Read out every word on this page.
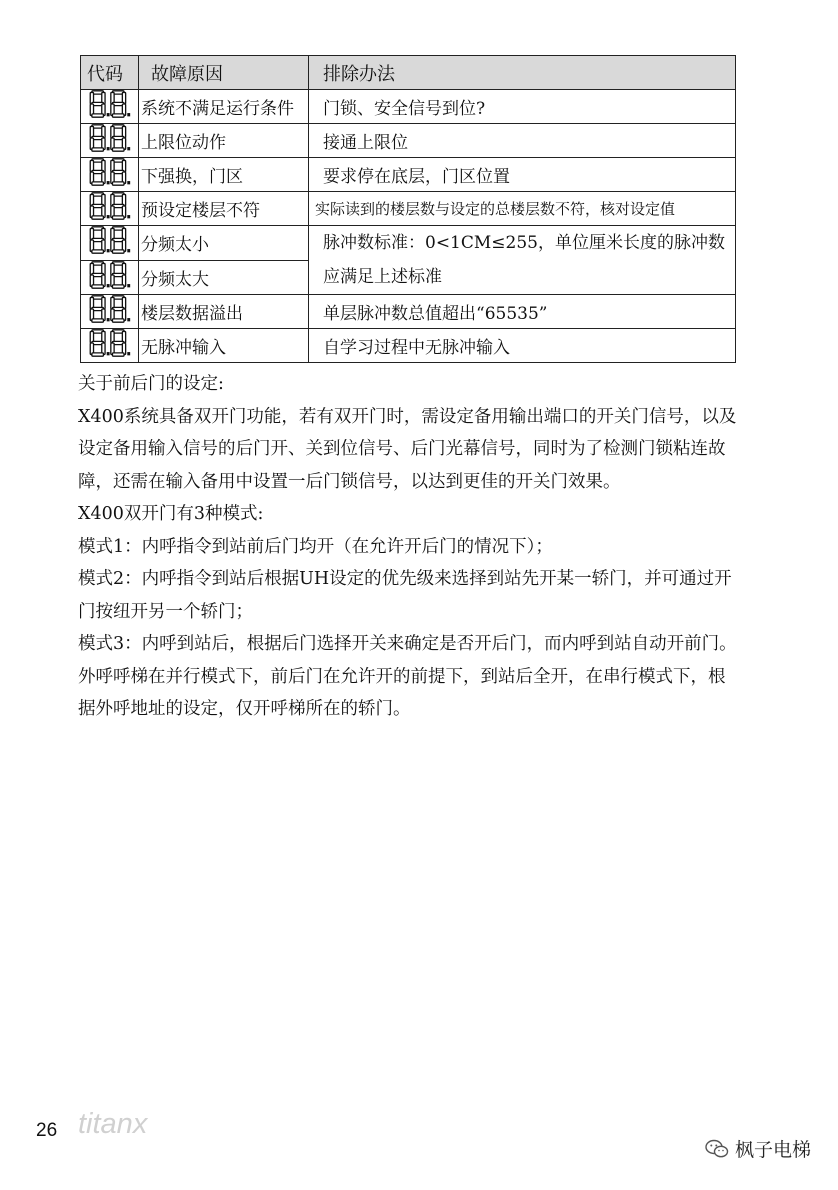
代码	故障原因	排除办法
	系统不满足运行条件	门锁、安全信号到位?
	上限位动作	接通上限位
	下强换，门区	要求停在底层，门区位置
	预设定楼层不符	实际读到的楼层数与设定的总楼层数不符，核对设定值
	分频太小	脉冲数标准：0<1CM≤255，单位厘米长度的脉冲数应满足上述标准
	分频太大	
	楼层数据溢出	单层脉冲数总值超出“65535”
	无脉冲输入	自学习过程中无脉冲输入

关于前后门的设定:

X400系统具备双开门功能，若有双开门时，需设定备用输出端口的开关门信号，以及设定备用输入信号的后门开、关到位信号、后门光幕信号，同时为了检测门锁粘连故障，还需在输入备用中设置一后门锁信号，以达到更佳的开关门效果。

X400双开门有3种模式:

模式1：内呼指令到站前后门均开（在允许开后门的情况下）；

模式2：内呼指令到站后根据UH设定的优先级来选择到站先开某一轿门，并可通过开门按纽开另一个轿门；

模式3：内呼到站后，根据后门选择开关来确定是否开后门，而内呼到站自动开前门。

外呼呼梯在并行模式下，前后门在允许开的前提下，到站后全开，在串行模式下，根据外呼地址的设定，仅开呼梯所在的轿门。

26 titanx
枫子电梯
